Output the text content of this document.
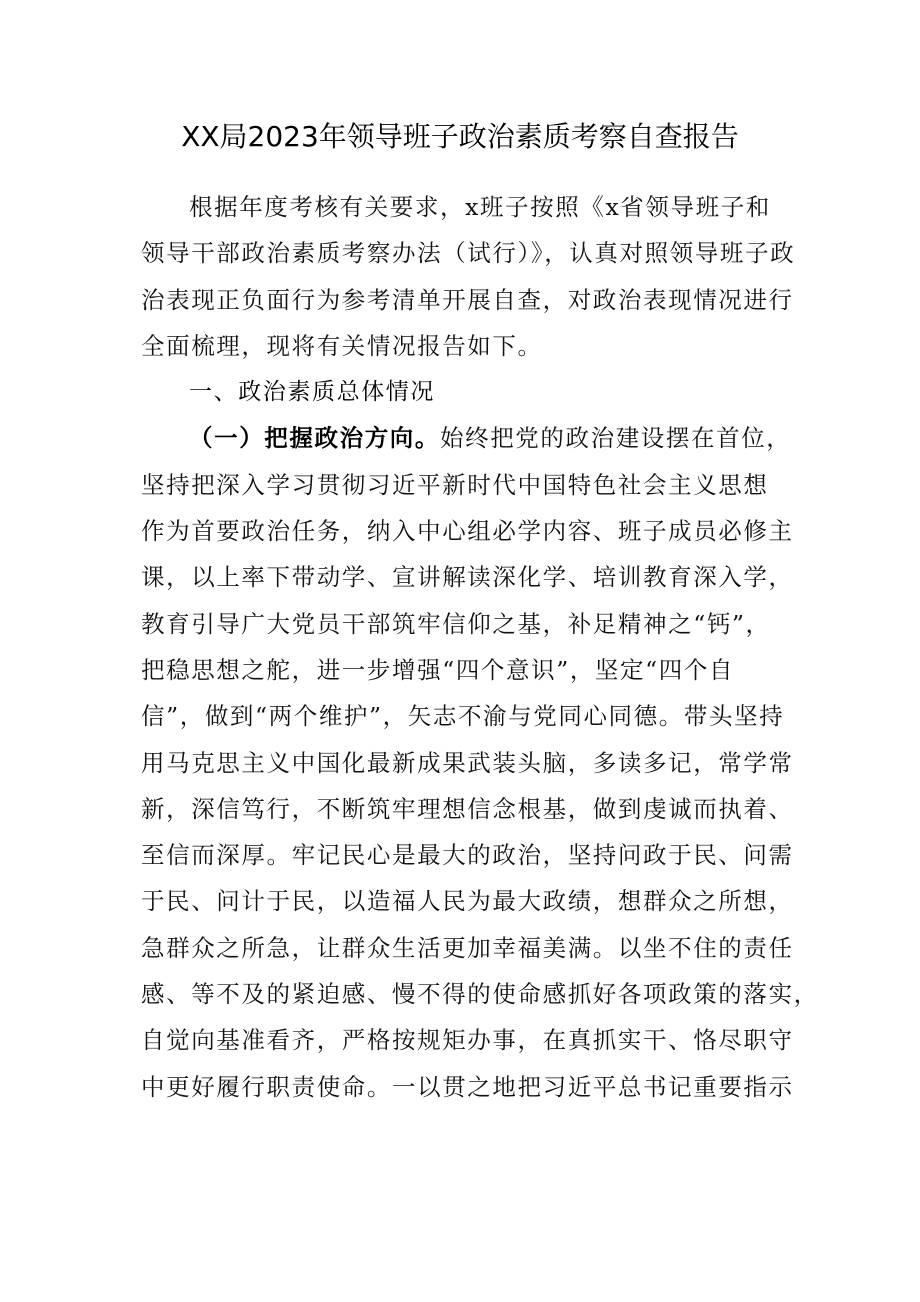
XX局2023年领导班子政治素质考察自查报告
根据年度考核有关要求，x班子按照《x省领导班子和
领导干部政治素质考察办法（试行）》，认真对照领导班子政
治表现正负面行为参考清单开展自查，对政治表现情况进行
全面梳理，现将有关情况报告如下。
一、政治素质总体情况
（一）把握政治方向。始终把党的政治建设摆在首位，
坚持把深入学习贯彻习近平新时代中国特色社会主义思想
作为首要政治任务，纳入中心组必学内容、班子成员必修主
课，以上率下带动学、宣讲解读深化学、培训教育深入学，
教育引导广大党员干部筑牢信仰之基，补足精神之“钙”，
把稳思想之舵，进一步增强“四个意识”，坚定“四个自
信”，做到“两个维护”，矢志不渝与党同心同德。带头坚持
用马克思主义中国化最新成果武装头脑，多读多记，常学常
新，深信笃行，不断筑牢理想信念根基，做到虔诚而执着、
至信而深厚。牢记民心是最大的政治，坚持问政于民、问需
于民、问计于民，以造福人民为最大政绩，想群众之所想，
急群众之所急，让群众生活更加幸福美满。以坐不住的责任
感、等不及的紧迫感、慢不得的使命感抓好各项政策的落实，
自觉向基准看齐，严格按规矩办事，在真抓实干、恪尽职守
中更好履行职责使命。一以贯之地把习近平总书记重要指示
